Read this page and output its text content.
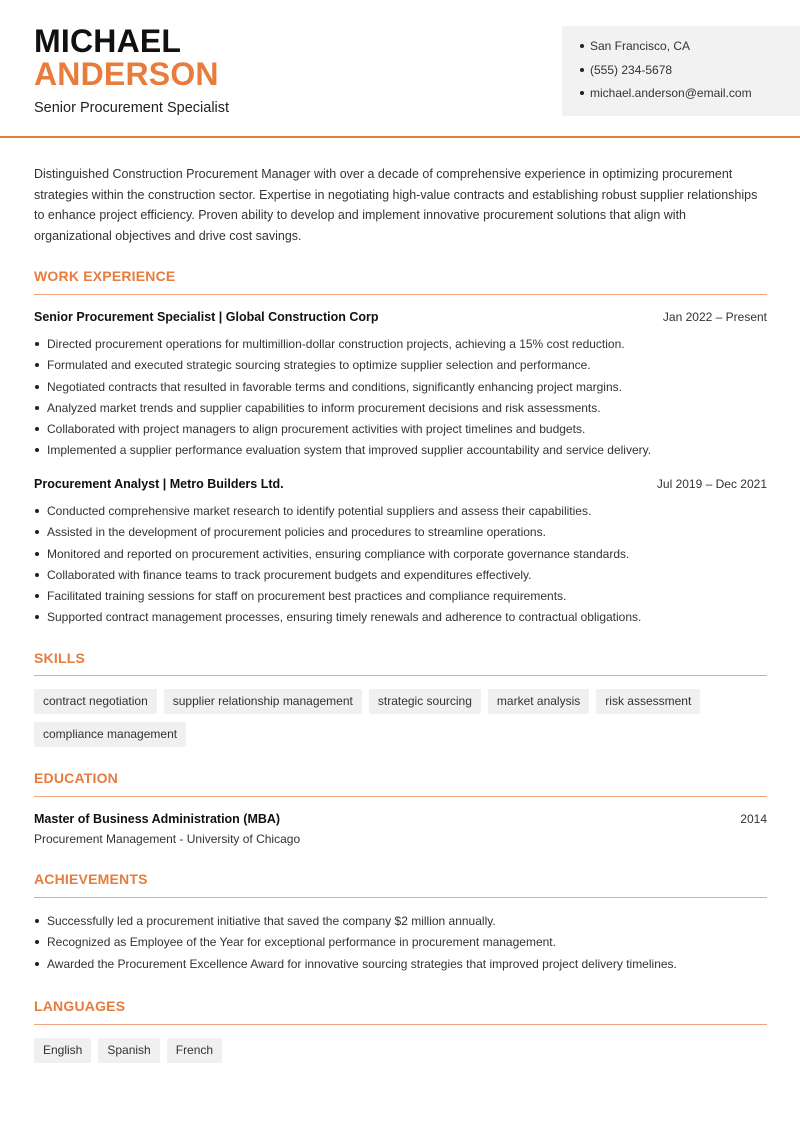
MICHAEL
ANDERSON
Senior Procurement Specialist
San Francisco, CA
(555) 234-5678
michael.anderson@email.com

Distinguished Construction Procurement Manager with over a decade of comprehensive experience in optimizing procurement strategies within the construction sector. Expertise in negotiating high-value contracts and establishing robust supplier relationships to enhance project efficiency. Proven ability to develop and implement innovative procurement solutions that align with organizational objectives and drive cost savings.

WORK EXPERIENCE
Senior Procurement Specialist | Global Construction Corp	Jan 2022 – Present
Directed procurement operations for multimillion-dollar construction projects, achieving a 15% cost reduction.
Formulated and executed strategic sourcing strategies to optimize supplier selection and performance.
Negotiated contracts that resulted in favorable terms and conditions, significantly enhancing project margins.
Analyzed market trends and supplier capabilities to inform procurement decisions and risk assessments.
Collaborated with project managers to align procurement activities with project timelines and budgets.
Implemented a supplier performance evaluation system that improved supplier accountability and service delivery.
Procurement Analyst | Metro Builders Ltd.	Jul 2019 – Dec 2021
Conducted comprehensive market research to identify potential suppliers and assess their capabilities.
Assisted in the development of procurement policies and procedures to streamline operations.
Monitored and reported on procurement activities, ensuring compliance with corporate governance standards.
Collaborated with finance teams to track procurement budgets and expenditures effectively.
Facilitated training sessions for staff on procurement best practices and compliance requirements.
Supported contract management processes, ensuring timely renewals and adherence to contractual obligations.
SKILLS
contract negotiation	supplier relationship management	strategic sourcing	market analysis	risk assessment
compliance management
EDUCATION
Master of Business Administration (MBA)	2014
Procurement Management - University of Chicago
ACHIEVEMENTS
Successfully led a procurement initiative that saved the company $2 million annually.
Recognized as Employee of the Year for exceptional performance in procurement management.
Awarded the Procurement Excellence Award for innovative sourcing strategies that improved project delivery timelines.
LANGUAGES
English	Spanish	French
